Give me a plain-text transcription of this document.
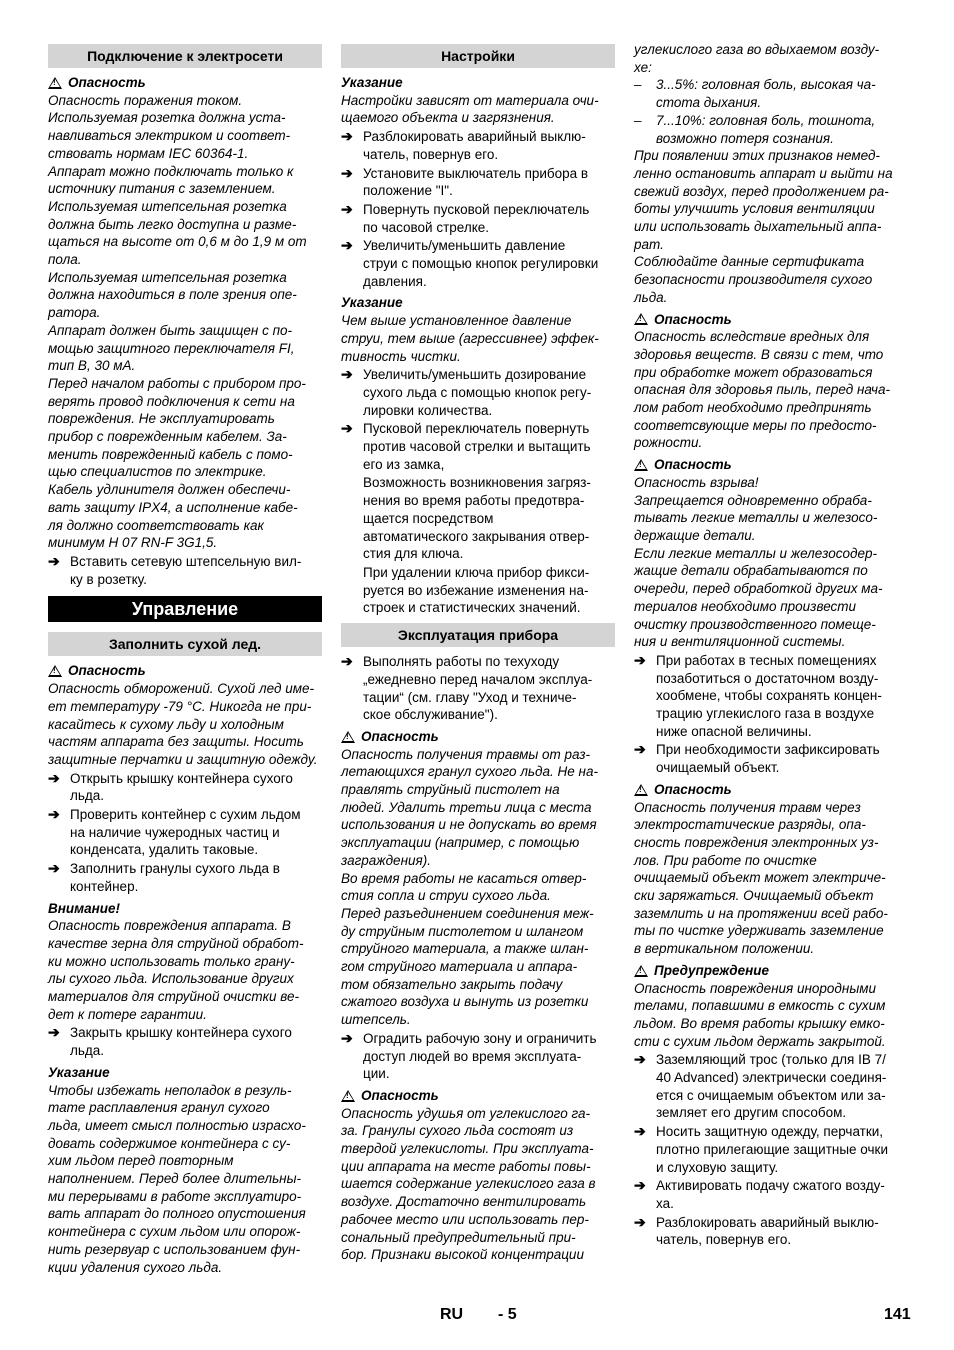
Подключение к электросети
!
Опасность

Опасность поражения током.
Используемая розетка должна уста-
навливаться электриком и соответ-
ствовать нормам IEC 60364-1.
Аппарат можно подключать только к
источнику питания с заземлением.
Используемая штепсельная розетка
должна быть легко доступна и разме-
щаться на высоте от 0,6 м до 1,9 м от
пола.
Используемая штепсельная розетка
должна находиться в поле зрения опе-
ратора.
Аппарат должен быть защищен с по-
мощью защитного переключателя FI,
тип B, 30 мА.
Перед началом работы с прибором про-
верять провод подключения к сети на
повреждения. Не эксплуатировать
прибор с поврежденным кабелем. За-
менить поврежденный кабель с помо-
щью специалистов по электрике.
Кабель удлинителя должен обеспечи-
вать защиту IPX4, а исполнение кабе-
ля должно соответствовать как
минимум H 07 RN-F 3G1,5.

➔ Вставить сетевую штепсельную вил-
ку в розетку.
Управление
Заполнить сухой лед.
!
Опасность

Опасность обморожений. Сухой лед име-
ет температуру -79 °C. Никогда не при-
касайтесь к сухому льду и холодным
частям аппарата без защиты. Носить
защитные перчатки и защитную одежду.

➔ Открыть крышку контейнера сухого
льда.
➔ Проверить контейнер с сухим льдом
на наличие чужеродных частиц и
конденсата, удалить таковые.
➔ Заполнить гранулы сухого льда в
контейнер.
Внимание!

Опасность повреждения аппарата. В
качестве зерна для струйной обработ-
ки можно использовать только грану-
лы сухого льда. Использование других
материалов для струйной очистки ве-
дет к потере гарантии.

➔ Закрыть крышку контейнера сухого
льда.
Указание

Чтобы избежать неполадок в резуль-
тате расплавления гранул сухого
льда, имеет смысл полностью израсхо-
довать содержимое контейнера с су-
хим льдом перед повторным
наполнением. Перед более длительны-
ми перерывами в работе эксплуатиро-
вать аппарат до полного опустошения
контейнера с сухим льдом или опорож-
нить резервуар с использованием фун-
кции удаления сухого льда.

Настройки
Указание

Настройки зависят от материала очи-
щаемого объекта и загрязнения.

➔ Разблокировать аварийный выклю-
чатель, повернув его.
➔ Установите выключатель прибора в
положение "I".
➔ Повернуть пусковой переключатель
по часовой стрелке.
➔ Увеличить/уменьшить давление
струи с помощью кнопок регулировки
давления.
Указание

Чем выше установленное давление
струи, тем выше (агрессивнее) эффек-
тивность чистки.

➔ Увеличить/уменьшить дозирование
сухого льда с помощью кнопок регу-
лировки количества.
➔ Пусковой переключатель повернуть
против часовой стрелки и вытащить
его из замка,
Возможность возникновения загряз-
нения во время работы предотвра-
щается посредством
автоматического закрывания отвер-
стия для ключа.
При удалении ключа прибор фикси-
руется во избежание изменения на-
строек и статистических значений.
Эксплуатация прибора
➔ Выполнять работы по техуходу
„ежедневно перед началом эксплуа-
тации“ (см. главу "Уход и техниче-
ское обслуживание").
!
Опасность

Опасность получения травмы от раз-
летающихся гранул сухого льда. Не на-
правлять струйный пистолет на
людей. Удалить третьи лица с места
использования и не допускать во время
эксплуатации (например, с помощью
заграждения).
Во время работы не касаться отвер-
стия сопла и струи сухого льда.
Перед разъединением соединения меж-
ду струйным пистолетом и шлангом
струйного материала, а также шлан-
гом струйного материала и аппара-
том обязательно закрыть подачу
сжатого воздуха и вынуть из розетки
штепсель.

➔ Оградить рабочую зону и ограничить
доступ людей во время эксплуата-
ции.
!
Опасность

Опасность удушья от углекислого га-
за. Гранулы сухого льда состоят из
твердой углекислоты. При эксплуата-
ции аппарата на месте работы повы-
шается содержание углекислого газа в
воздухе. Достаточно вентилировать
рабочее место или использовать пер-
сональный предупредительный при-
бор. Признаки высокой концентрации

углекислого газа во вдыхаемом возду-
хе:

–	3...5%: головная боль, высокая ча-
стота дыхания.
–	7...10%: головная боль, тошнота,
возможно потеря сознания.

При появлении этих признаков немед-
ленно остановить аппарат и выйти на
свежий воздух, перед продолжением ра-
боты улучшить условия вентиляции
или использовать дыхательный аппа-
рат.
Соблюдайте данные сертификата
безопасности производителя сухого
льда.

!
Опасность

Опасность вследствие вредных для
здоровья веществ. В связи с тем, что
при обработке может образоваться
опасная для здоровья пыль, перед нача-
лом работ необходимо предпринять
соответсвующие меры по предосто-
рожности.

!
Опасность

Опасность взрыва!
Запрещается одновременно обраба-
тывать легкие металлы и железосо-
держащие детали.
Если легкие металлы и железосодер-
жащие детали обрабатываются по
очереди, перед обработкой других ма-
териалов необходимо произвести
очистку производственного помеще-
ния и вентиляционной системы.

➔ При работах в тесных помещениях
позаботиться о достаточном возду-
хообмене, чтобы сохранять концен-
трацию углекислого газа в воздухе
ниже опасной величины.
➔ При необходимости зафиксировать
очищаемый объект.
!
Опасность

Опасность получения травм через
электростатические разряды, опа-
сность повреждения электронных уз-
лов. При работе по очистке
очищаемый объект может электриче-
ски заряжаться. Очищаемый объект
заземлить и на протяжении всей рабо-
ты по чистке удерживать заземление
в вертикальном положении.

!
Предупреждение

Опасность повреждения инородными
телами, попавшими в емкость с сухим
льдом. Во время работы крышку емко-
сти с сухим льдом держать закрытой.

➔ Заземляющий трос (только для IB 7/
40 Advanced) электрически соединя-
ется с очищаемым объектом или за-
земляет его другим способом.
➔ Носить защитную одежду, перчатки,
плотно прилегающие защитные очки
и слуховую защиту.
➔ Активировать подачу сжатого возду-
ха.
➔ Разблокировать аварийный выклю-
чатель, повернув его.
RU - 5	141
